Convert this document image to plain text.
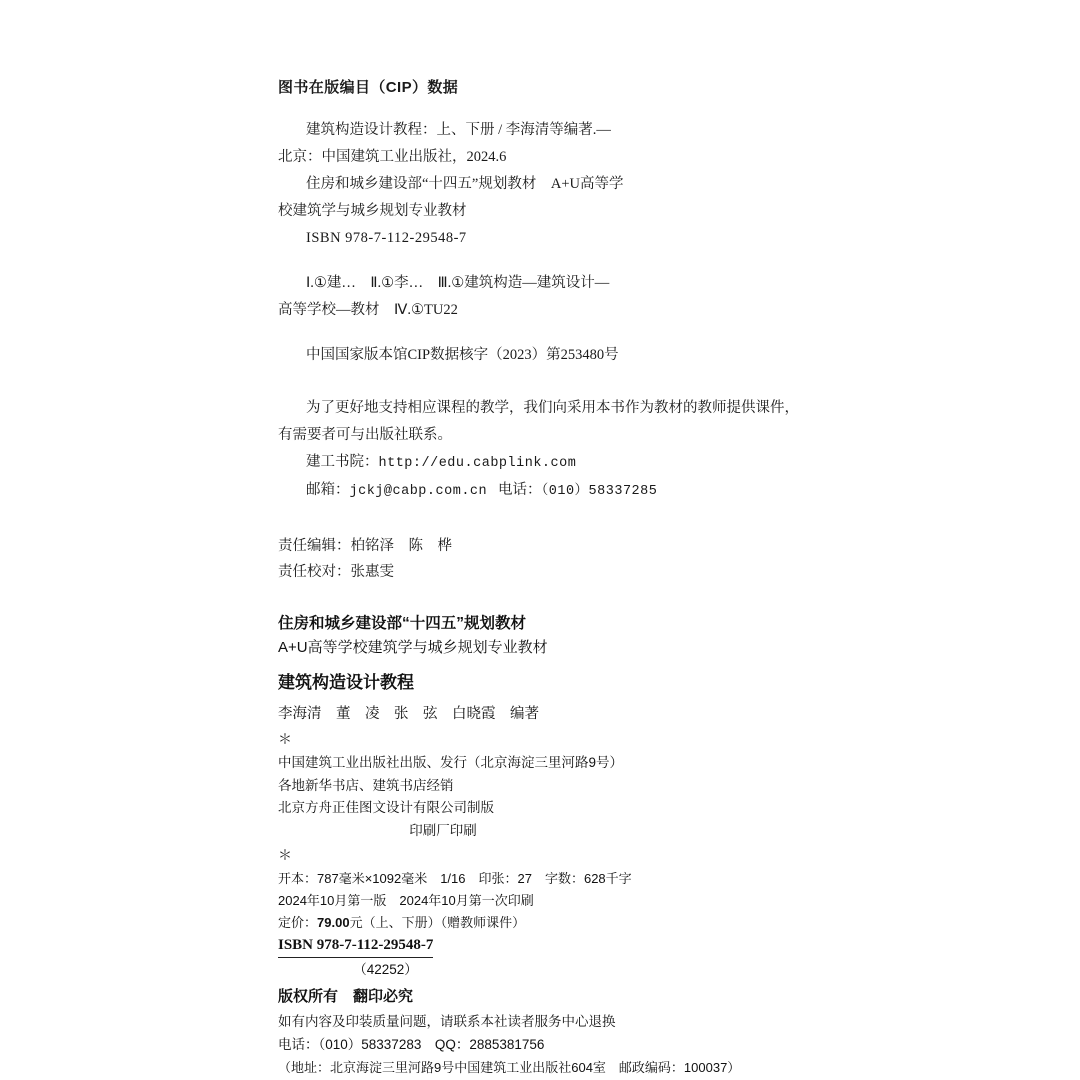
图书在版编目（CIP）数据
建筑构造设计教程：上、下册 / 李海清等编著.—
北京：中国建筑工业出版社，2024.6
住房和城乡建设部“十四五”规划教材　A+U高等学
校建筑学与城乡规划专业教材
ISBN 978-7-112-29548-7
Ⅰ.①建…　Ⅱ.①李…　Ⅲ.①建筑构造—建筑设计—
高等学校—教材　Ⅳ.①TU22
中国国家版本馆CIP数据核字（2023）第253480号
为了更好地支持相应课程的教学，我们向采用本书作为教材的教师提供课件，
有需要者可与出版社联系。
建工书院：http://edu.cabplink.com
邮箱：jckj@cabp.com.cn 电话：（010）58337285
责任编辑：柏铭泽　陈　桦
责任校对：张惠雯
住房和城乡建设部“十四五”规划教材
A+U高等学校建筑学与城乡规划专业教材
建筑构造设计教程
李海清　董　凌　张　弦　白晓霞　编著
＊
中国建筑工业出版社出版、发行（北京海淀三里河路9号）
各地新华书店、建筑书店经销
北京方舟正佳图文设计有限公司制版
印刷厂印刷
＊
开本：787毫米×1092毫米　1/16　印张：27　字数：628千字
2024年10月第一版　2024年10月第一次印刷
定价：79.00元（上、下册）（赠教师课件）
ISBN 978-7-112-29548-7
（42252）
版权所有　翻印必究
如有内容及印装质量问题，请联系本社读者服务中心退换
电话：（010）58337283　QQ：2885381756
（地址：北京海淀三里河路9号中国建筑工业出版社604室　邮政编码：100037）
